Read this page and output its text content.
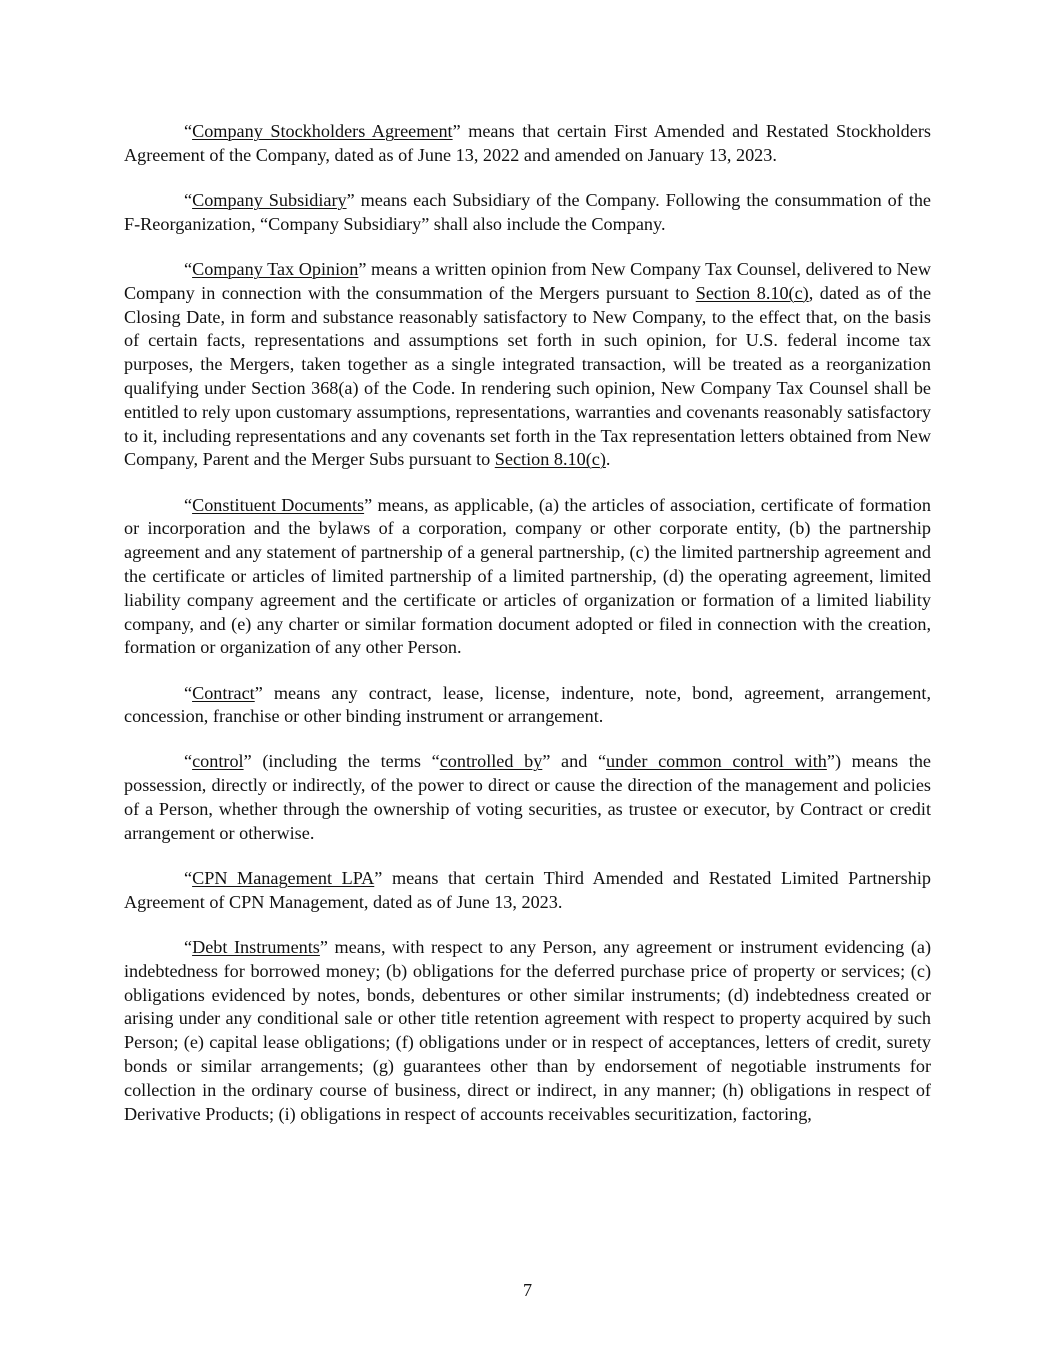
“Company Stockholders Agreement” means that certain First Amended and Restated Stockholders Agreement of the Company, dated as of June 13, 2022 and amended on January 13, 2023.

“Company Subsidiary” means each Subsidiary of the Company. Following the consummation of the F-Reorganization, “Company Subsidiary” shall also include the Company.

“Company Tax Opinion” means a written opinion from New Company Tax Counsel, delivered to New Company in connection with the consummation of the Mergers pursuant to Section 8.10(c), dated as of the Closing Date, in form and substance reasonably satisfactory to New Company, to the effect that, on the basis of certain facts, representations and assumptions set forth in such opinion, for U.S. federal income tax purposes, the Mergers, taken together as a single integrated transaction, will be treated as a reorganization qualifying under Section 368(a) of the Code. In rendering such opinion, New Company Tax Counsel shall be entitled to rely upon customary assumptions, representations, warranties and covenants reasonably satisfactory to it, including representations and any covenants set forth in the Tax representation letters obtained from New Company, Parent and the Merger Subs pursuant to Section 8.10(c).

“Constituent Documents” means, as applicable, (a) the articles of association, certificate of formation or incorporation and the bylaws of a corporation, company or other corporate entity, (b) the partnership agreement and any statement of partnership of a general partnership, (c) the limited partnership agreement and the certificate or articles of limited partnership of a limited partnership, (d) the operating agreement, limited liability company agreement and the certificate or articles of organization or formation of a limited liability company, and (e) any charter or similar formation document adopted or filed in connection with the creation, formation or organization of any other Person.

“Contract” means any contract, lease, license, indenture, note, bond, agreement, arrangement, concession, franchise or other binding instrument or arrangement.

“control” (including the terms “controlled by” and “under common control with”) means the possession, directly or indirectly, of the power to direct or cause the direction of the management and policies of a Person, whether through the ownership of voting securities, as trustee or executor, by Contract or credit arrangement or otherwise.

“CPN Management LPA” means that certain Third Amended and Restated Limited Partnership Agreement of CPN Management, dated as of June 13, 2023.

“Debt Instruments” means, with respect to any Person, any agreement or instrument evidencing (a) indebtedness for borrowed money; (b) obligations for the deferred purchase price of property or services; (c) obligations evidenced by notes, bonds, debentures or other similar instruments; (d) indebtedness created or arising under any conditional sale or other title retention agreement with respect to property acquired by such Person; (e) capital lease obligations; (f) obligations under or in respect of acceptances, letters of credit, surety bonds or similar arrangements; (g) guarantees other than by endorsement of negotiable instruments for collection in the ordinary course of business, direct or indirect, in any manner; (h) obligations in respect of Derivative Products; (i) obligations in respect of accounts receivables securitization, factoring,

7
